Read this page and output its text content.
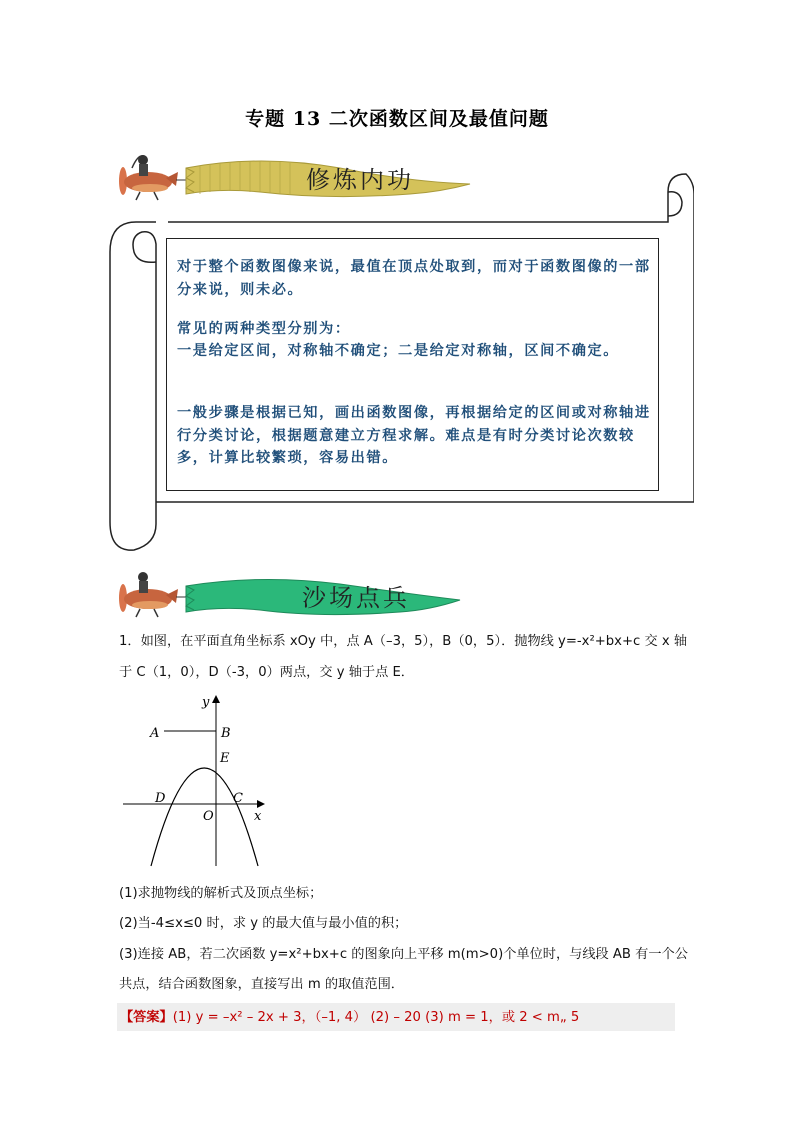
专题 13 二次函数区间及最值问题
修炼内功

对于整个函数图像来说，最值在顶点处取到，而对于函数图像的一部分来说，则未必。

常见的两种类型分别为：

一是给定区间，对称轴不确定；二是给定对称轴，区间不确定。

一般步骤是根据已知，画出函数图像，再根据给定的区间或对称轴进行分类讨论，根据题意建立方程求解。难点是有时分类讨论次数较多，计算比较繁琐，容易出错。

沙场点兵

1．如图，在平面直角坐标系 xOy 中，点 A（–3，5），B（0，5）．抛物线 y=-x²+bx+c 交 x 轴

于 C（1，0），D（-3，0）两点，交 y 轴于点 E．

y
x
A	B
E
D	C
O

(1)求抛物线的解析式及顶点坐标；

(2)当-4≤x≤0 时，求 y 的最大值与最小值的积；

(3)连接 AB，若二次函数 y=x²+bx+c 的图象向上平移 m(m>0)个单位时，与线段 AB 有一个公

共点，结合函数图象，直接写出 m 的取值范围．

【答案】(1) y = –x² – 2x + 3，（–1, 4） (2) – 20 (3) m = 1，或 2 < m„ 5
